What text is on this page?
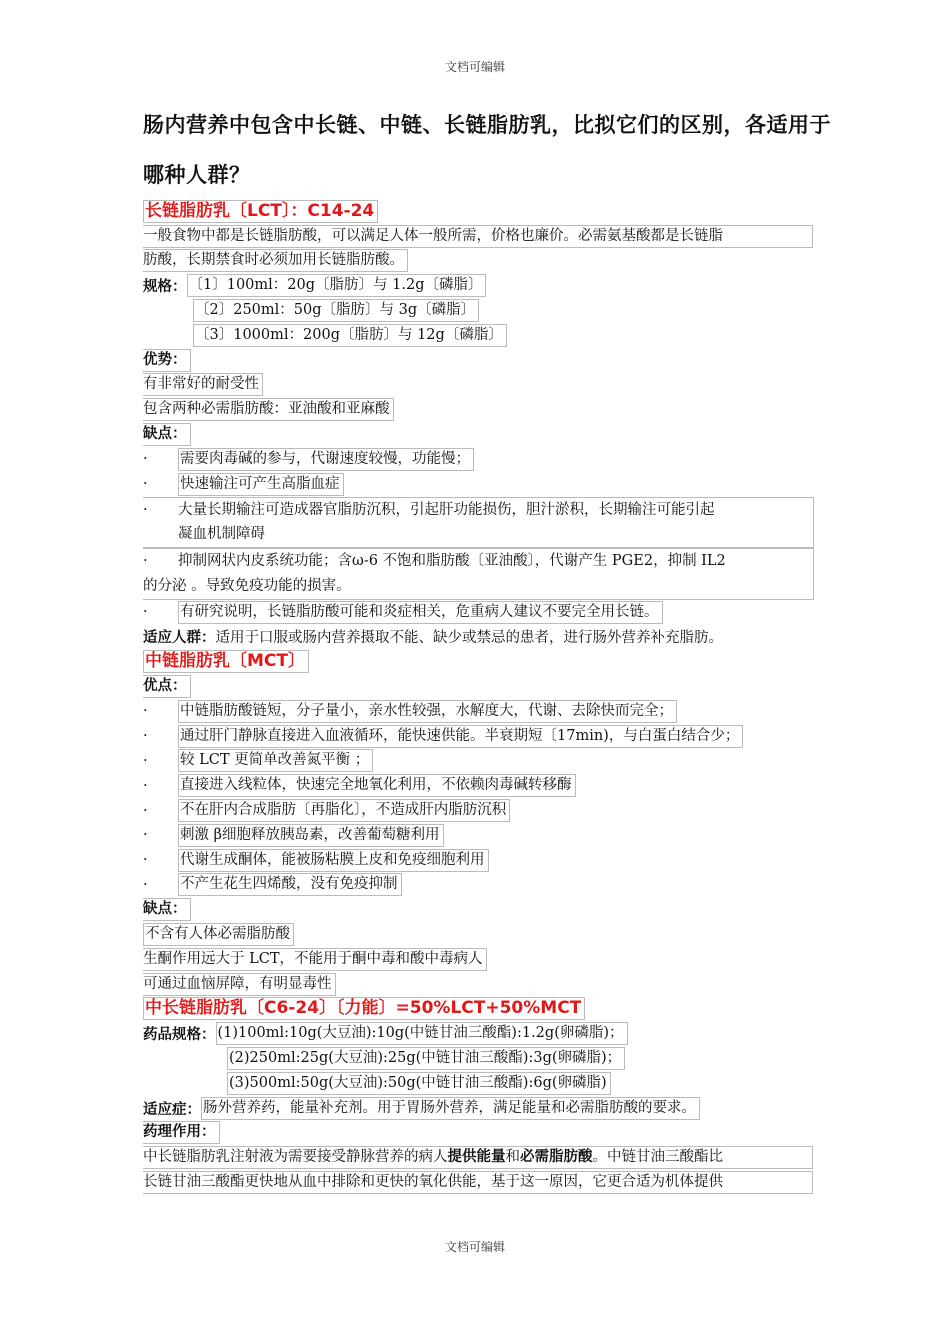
文档可编辑
肠内营养中包含中长链、中链、长链脂肪乳，比拟它们的区别，各适用于哪种人群？
长链脂肪乳〔LCT〕：C14-24
一般食物中都是长链脂肪酸，可以满足人体一般所需，价格也廉价。必需氨基酸都是长链脂
肪酸，长期禁食时必须加用长链脂肪酸。
规格： 〔1〕100ml：20g〔脂肪〕与 1.2g〔磷脂〕
〔2〕250ml：50g〔脂肪〕与 3g〔磷脂〕
〔3〕1000ml：200g〔脂肪〕与 12g〔磷脂〕
优势：
有非常好的耐受性
包含两种必需脂肪酸：亚油酸和亚麻酸
缺点：
·	需要肉毒碱的参与，代谢速度较慢，功能慢；
·	快速输注可产生高脂血症
· 大量长期输注可造成器官脂肪沉积，引起肝功能损伤，胆汁淤积，长期输注可能引起
凝血机制障碍
· 抑制网状内皮系统功能；含ω-6 不饱和脂肪酸〔亚油酸〕，代谢产生 PGE2，抑制 IL2
的分泌 。导致免疫功能的损害。
·	有研究说明，长链脂肪酸可能和炎症相关，危重病人建议不要完全用长链。
适应人群： 适用于口服或肠内营养摄取不能、缺少或禁忌的患者，进行肠外营养补充脂肪。
中链脂肪乳〔MCT〕
优点：
·	中链脂肪酸链短，分子量小，亲水性较强，水解度大，代谢、去除快而完全；
·	通过肝门静脉直接进入血液循环，能快速供能。半衰期短〔17min)，与白蛋白结合少；
·	较 LCT 更简单改善氮平衡 ；
·	直接进入线粒体，快速完全地氧化利用，不依赖肉毒碱转移酶
·	不在肝内合成脂肪〔再脂化〕，不造成肝内脂肪沉积
·	刺激 β细胞释放胰岛素，改善葡萄糖利用
·	代谢生成酮体，能被肠粘膜上皮和免疫细胞利用
·	不产生花生四烯酸，没有免疫抑制
缺点：
不含有人体必需脂肪酸
生酮作用远大于 LCT，不能用于酮中毒和酸中毒病人
可通过血恼屏障，有明显毒性
中长链脂肪乳〔C6-24〕〔力能〕=50%LCT+50%MCT
药品规格： (1)100ml:10g(大豆油):10g(中链甘油三酸酯):1.2g(卵磷脂)；
(2)250ml:25g(大豆油):25g(中链甘油三酸酯):3g(卵磷脂)；
(3)500ml:50g(大豆油):50g(中链甘油三酸酯):6g(卵磷脂)
适应症： 肠外营养药，能量补充剂。用于胃肠外营养，满足能量和必需脂肪酸的要求。
药理作用：
中长链脂肪乳注射液为需要接受静脉营养的病人提供能量和必需脂肪酸。中链甘油三酸酯比
长链甘油三酸酯更快地从血中排除和更快的氧化供能，基于这一原因，它更合适为机体提供
文档可编辑
